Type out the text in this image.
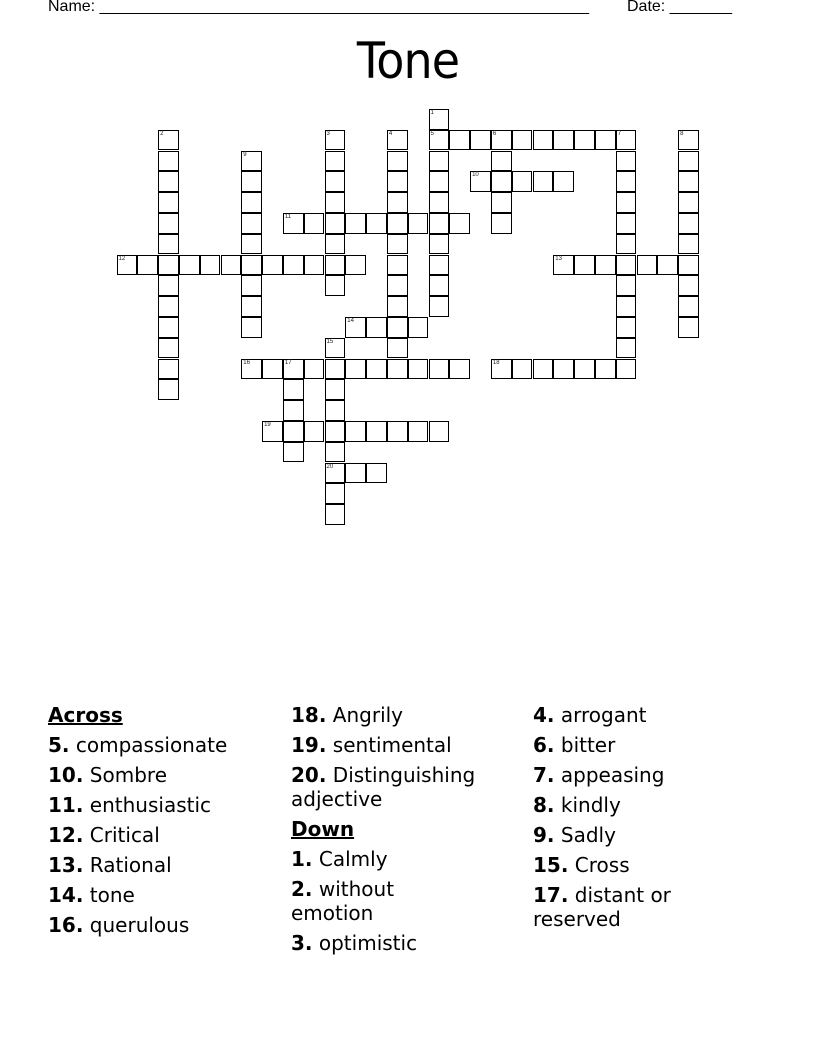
Name: _______________________________________________________ Date: _______
Tone
1
5
2	3	4	6	7	8
9
10
11
12	13
14
15
20
16	17	18
19
Across
5. compassionate
10. Sombre
11. enthusiastic
12. Critical
13. Rational
14. tone
16. querulous
18. Angrily
19. sentimental
20. Distinguishing adjective
Down
1. Calmly
2. without emotion
3. optimistic
4. arrogant
6. bitter
7. appeasing
8. kindly
9. Sadly
15. Cross
17. distant or reserved
